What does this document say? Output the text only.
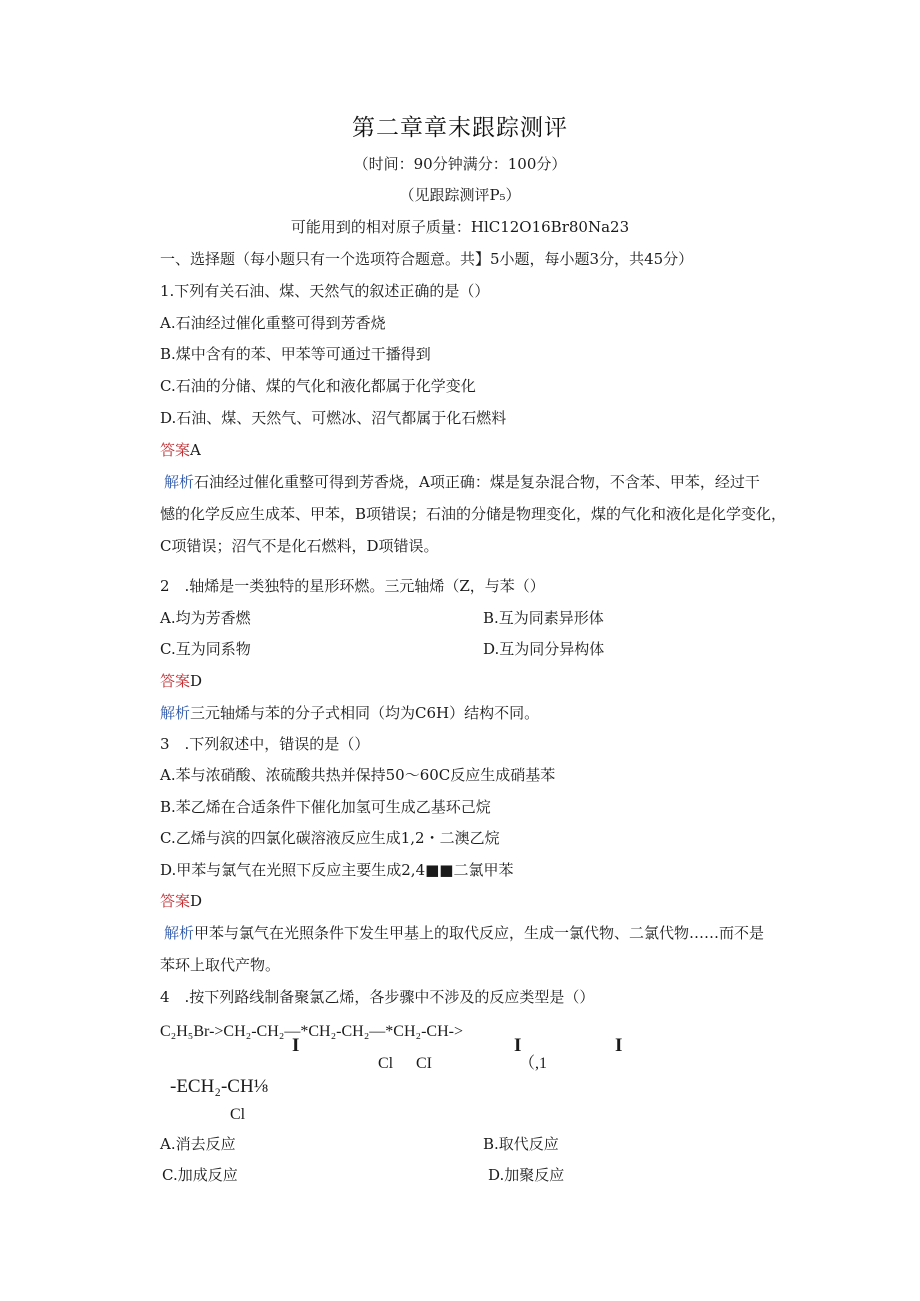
第二章章末跟踪测评
（时间：90分钟满分：100分）
（见跟踪测评P₅）
可能用到的相对原子质量：HlC12O16Br80Na23
一、选择题（每小题只有一个选项符合题意。共】5小题，每小题3分，共45分）
1.下列有关石油、煤、天然气的叙述正确的是（）
A.石油经过催化重整可得到芳香烧
B.煤中含有的苯、甲苯等可通过干播得到
C.石油的分储、煤的气化和液化都属于化学变化
D.石油、煤、天然气、可燃冰、沼气都属于化石燃料
答案A
解析石油经过催化重整可得到芳香烧，A项正确：煤是复杂混合物，不含苯、甲苯，经过干
憾的化学反应生成苯、甲苯，B项错误；石油的分储是物理变化，煤的气化和液化是化学变化，
C项错误；沼气不是化石燃料，D项错误。
2　.轴烯是一类独特的星形环燃。三元轴烯（Z，与苯（）
A.均为芳香燃	B.互为同素异形体
C.互为同系物	D.互为同分异构体
答案D
解析三元轴烯与苯的分子式相同（均为C6H）结构不同。
3　.下列叙述中，错误的是（）
A.苯与浓硝酸、浓硫酸共热并保持50～60C反应生成硝基苯
B.苯乙烯在合适条件下催化加氢可生成乙基环己烷
C.乙烯与滨的四氯化碳溶液反应生成1,2・二澳乙烷
D.甲苯与氯气在光照下反应主要生成2,4■■二氯甲苯
答案D
解析甲苯与氯气在光照条件下发生甲基上的取代反应，生成一氯代物、二氯代物……而不是
苯环上取代产物。
4　.按下列路线制备聚氯乙烯，各步骤中不涉及的反应类型是（）
C₂H₅Br->CH₂-CH₂—*CH₂-CH₂—*CH₂-CH->
I	I	I
Cl CI	（,1
-ECH₂-CH⅛
Cl
A.消去反应	B.取代反应
C.加成反应	D.加聚反应
